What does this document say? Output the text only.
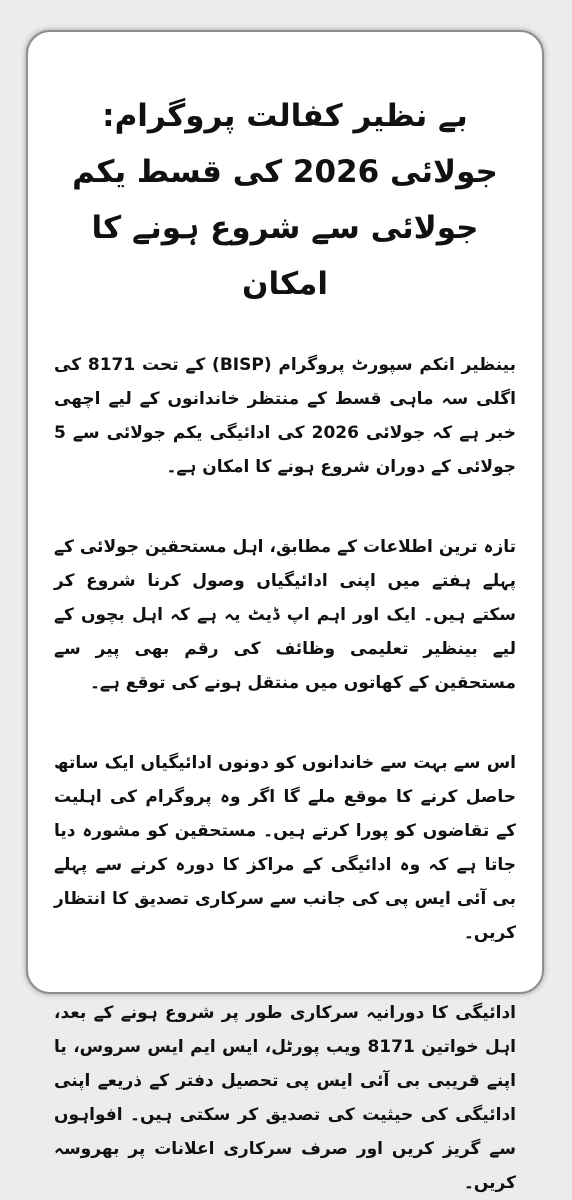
بے نظیر کفالت پروگرام: جولائی 2026 کی قسط یکم جولائی سے شروع ہونے کا امکان

بینظیر انکم سپورٹ پروگرام (BISP) کے تحت 8171 کی اگلی سہ ماہی قسط کے منتظر خاندانوں کے لیے اچھی خبر ہے کہ جولائی 2026 کی ادائیگی یکم جولائی سے 5 جولائی کے دوران شروع ہونے کا امکان ہے۔

تازہ ترین اطلاعات کے مطابق، اہل مستحقین جولائی کے پہلے ہفتے میں اپنی ادائیگیاں وصول کرنا شروع کر سکتے ہیں۔ ایک اور اہم اپ ڈیٹ یہ ہے کہ اہل بچوں کے لیے بینظیر تعلیمی وظائف کی رقم بھی پیر سے مستحقین کے کھاتوں میں منتقل ہونے کی توقع ہے۔

اس سے بہت سے خاندانوں کو دونوں ادائیگیاں ایک ساتھ حاصل کرنے کا موقع ملے گا اگر وہ پروگرام کی اہلیت کے تقاضوں کو پورا کرتے ہیں۔ مستحقین کو مشورہ دیا جاتا ہے کہ وہ ادائیگی کے مراکز کا دورہ کرنے سے پہلے بی آئی ایس پی کی جانب سے سرکاری تصدیق کا انتظار کریں۔

ادائیگی کا دورانیہ سرکاری طور پر شروع ہونے کے بعد، اہل خواتین 8171 ویب پورٹل، ایس ایم ایس سروس، یا اپنے قریبی بی آئی ایس پی تحصیل دفتر کے ذریعے اپنی ادائیگی کی حیثیت کی تصدیق کر سکتی ہیں۔ افواہوں سے گریز کریں اور صرف سرکاری اعلانات پر بھروسہ کریں۔
